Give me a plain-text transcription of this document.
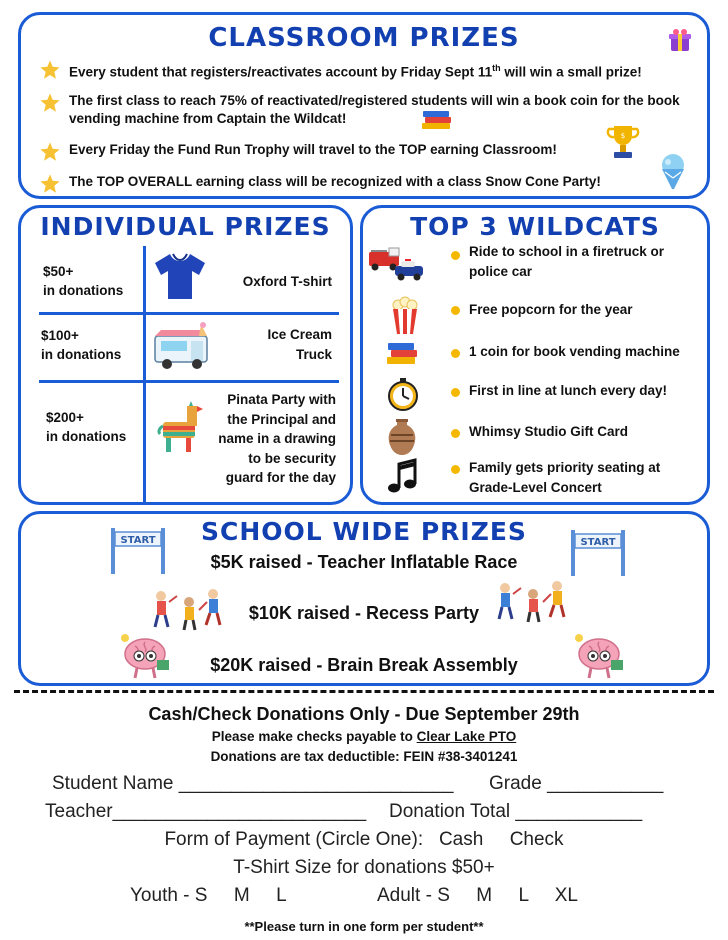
CLASSROOM PRIZES
Every student that registers/reactivates account by Friday Sept 11th will win a small prize!
The first class to reach 75% of reactivated/registered students will win a book coin for the book vending machine from Captain the Wildcat!
Every Friday the Fund Run Trophy will travel to the TOP earning Classroom!
$
The TOP OVERALL earning class will be recognized with a class Snow Cone Party!
INDIVIDUAL PRIZES
$50+
in donations
Oxford T-shirt
$100+
in donations
Ice Cream
Truck
$200+
in donations
Pinata Party with
the Principal and
name in a drawing
to be security
guard for the day
TOP 3 WILDCATS
Ride to school in a firetruck or police car
Free popcorn for the year
1 coin for book vending machine
First in line at lunch every day!
Whimsy Studio Gift Card
Family gets priority seating at Grade-Level Concert
SCHOOL WIDE PRIZES
START	START
$5K raised - Teacher Inflatable Race
$10K raised - Recess Party
$20K raised - Brain Break Assembly
Cash/Check Donations Only - Due September 29th
Please make checks payable to Clear Lake PTO
Donations are tax deductible: FEIN #38-3401241
Student Name __________________________ Grade ___________
Teacher________________________ Donation Total ____________
Form of Payment (Circle One):   Cash     Check
T-Shirt Size for donations $50+
Youth - S     M     L	Adult - S     M     L     XL
**Please turn in one form per student**
